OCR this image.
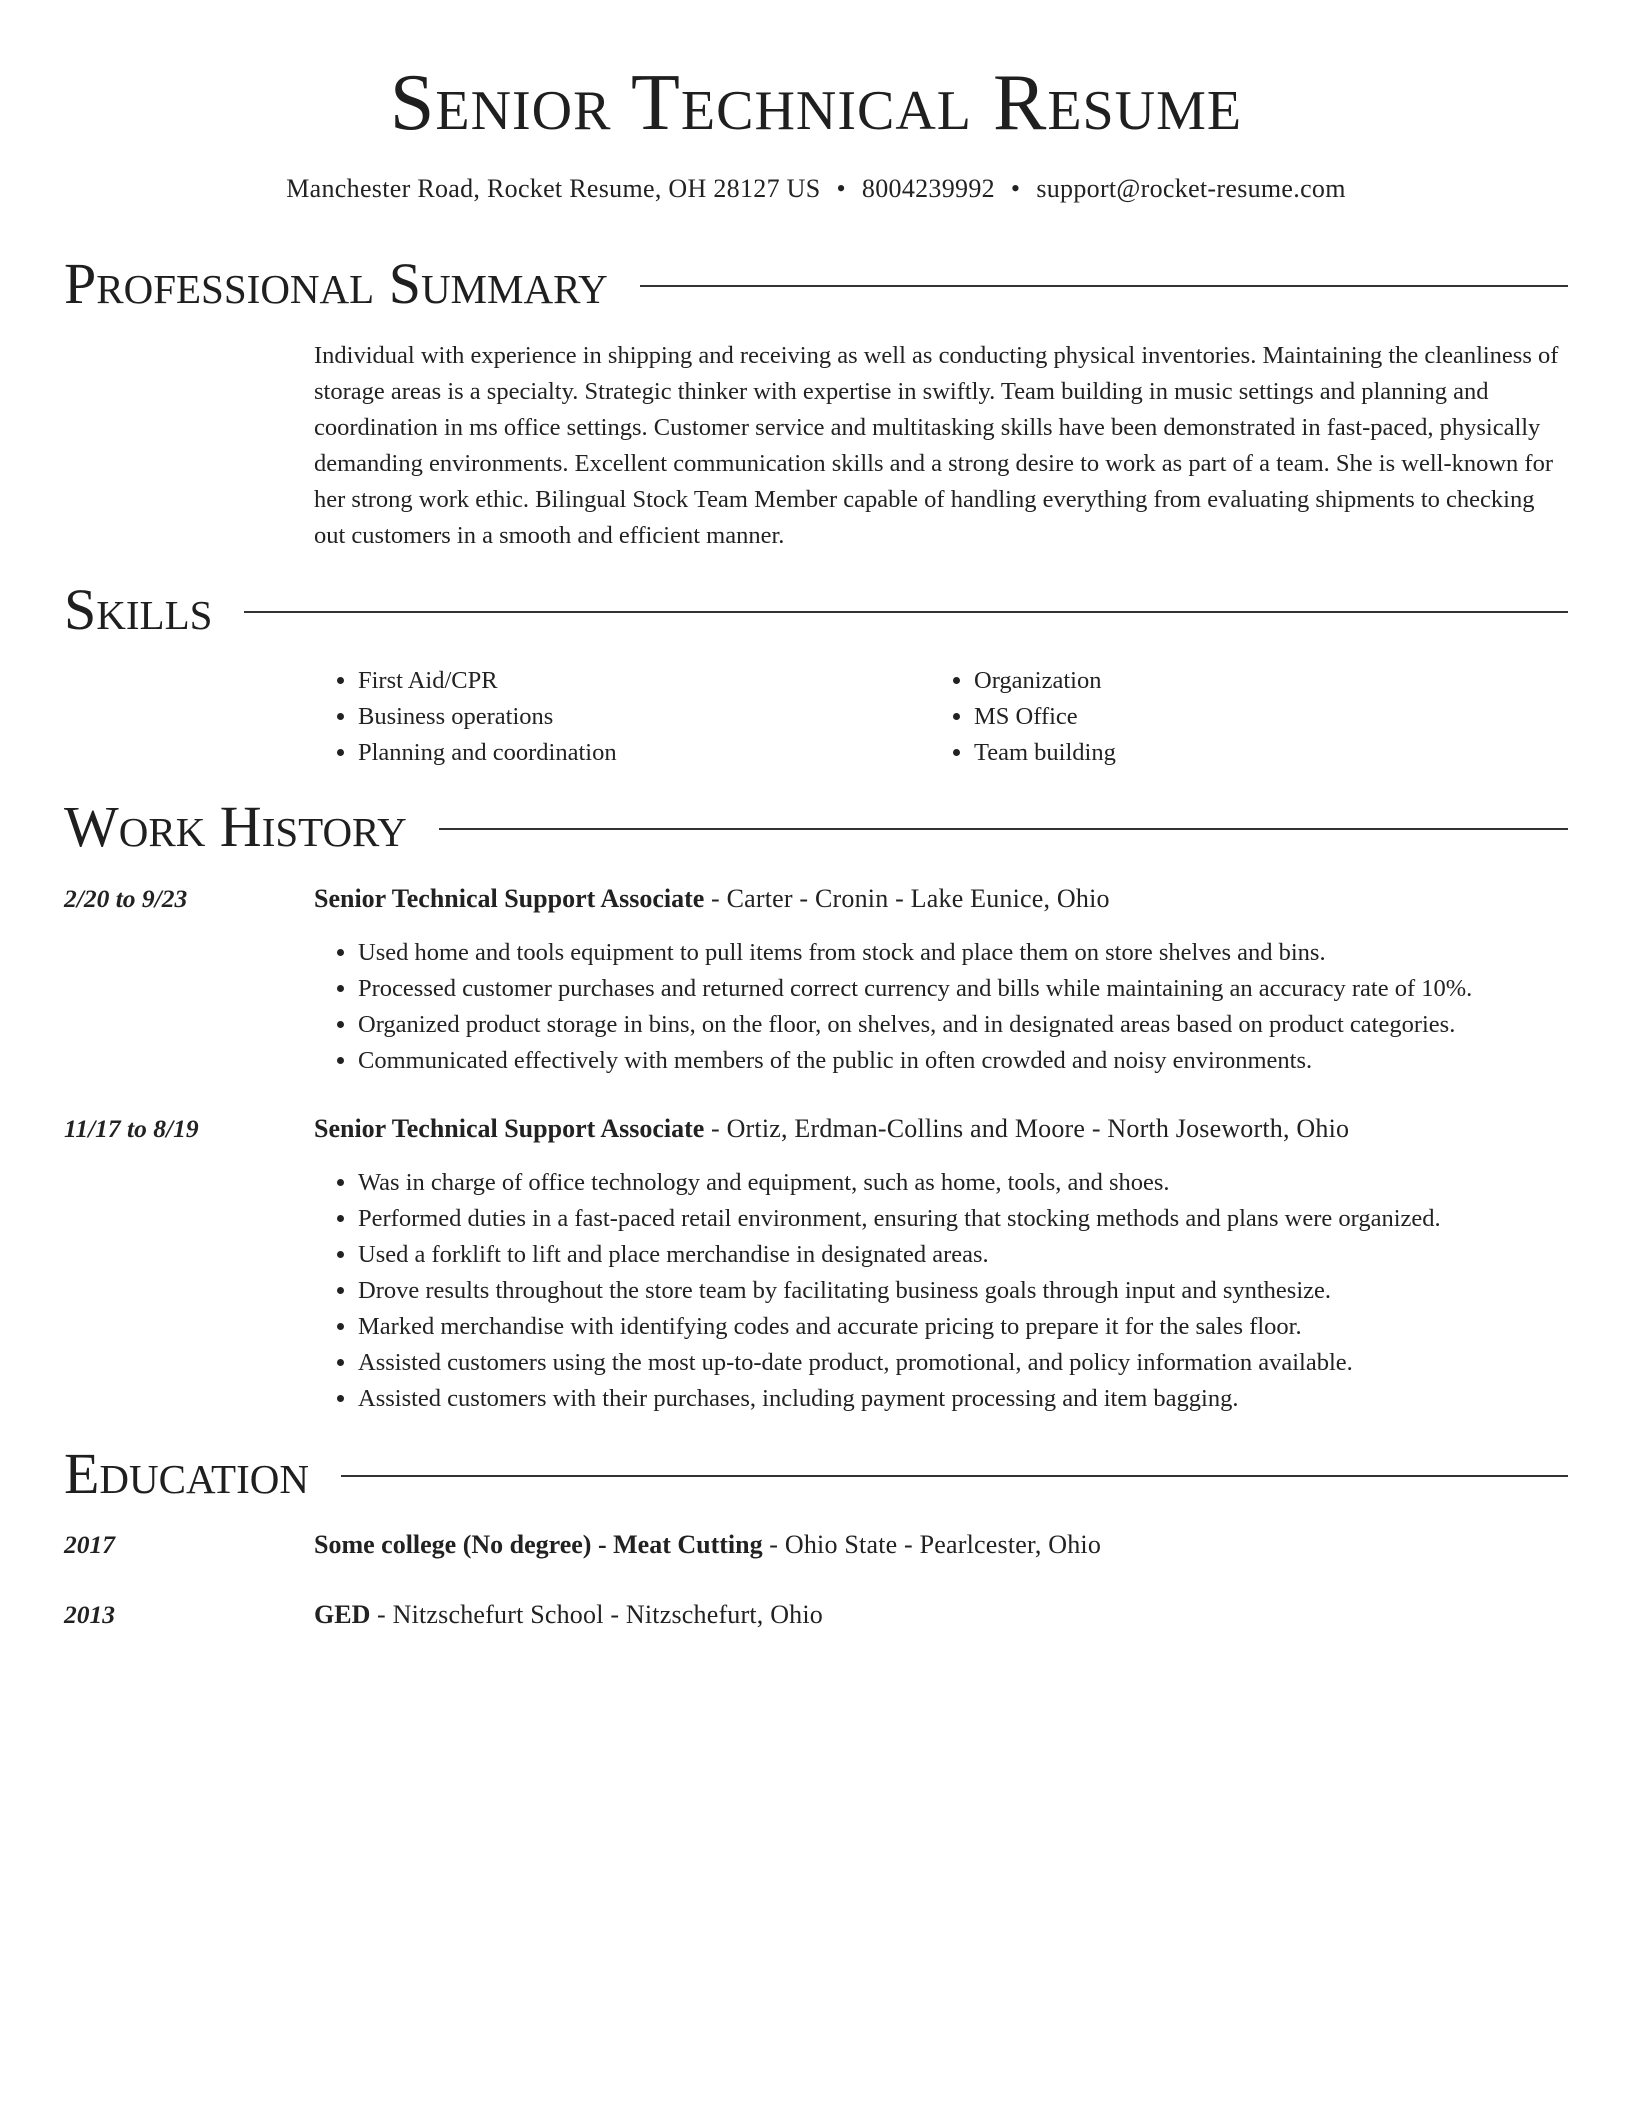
Senior Technical Resume
Manchester Road, Rocket Resume, OH 28127 US • 8004239992 • support@rocket-resume.com
Professional Summary
Individual with experience in shipping and receiving as well as conducting physical inventories. Maintaining the cleanliness of storage areas is a specialty. Strategic thinker with expertise in swiftly. Team building in music settings and planning and coordination in ms office settings. Customer service and multitasking skills have been demonstrated in fast-paced, physically demanding environments. Excellent communication skills and a strong desire to work as part of a team. She is well-known for her strong work ethic. Bilingual Stock Team Member capable of handling everything from evaluating shipments to checking out customers in a smooth and efficient manner.
Skills
• First Aid/CPR
• Business operations
• Planning and coordination
• Organization
• MS Office
• Team building
Work History
2/20 to 9/23	Senior Technical Support Associate - Carter - Cronin - Lake Eunice, Ohio
• Used home and tools equipment to pull items from stock and place them on store shelves and bins.
• Processed customer purchases and returned correct currency and bills while maintaining an accuracy rate of 10%.
• Organized product storage in bins, on the floor, on shelves, and in designated areas based on product categories.
• Communicated effectively with members of the public in often crowded and noisy environments.
11/17 to 8/19	Senior Technical Support Associate - Ortiz, Erdman-Collins and Moore - North Joseworth, Ohio
• Was in charge of office technology and equipment, such as home, tools, and shoes.
• Performed duties in a fast-paced retail environment, ensuring that stocking methods and plans were organized.
• Used a forklift to lift and place merchandise in designated areas.
• Drove results throughout the store team by facilitating business goals through input and synthesize.
• Marked merchandise with identifying codes and accurate pricing to prepare it for the sales floor.
• Assisted customers using the most up-to-date product, promotional, and policy information available.
• Assisted customers with their purchases, including payment processing and item bagging.
Education
2017	Some college (No degree) - Meat Cutting - Ohio State - Pearlcester, Ohio
2013	GED - Nitzschefurt School - Nitzschefurt, Ohio
